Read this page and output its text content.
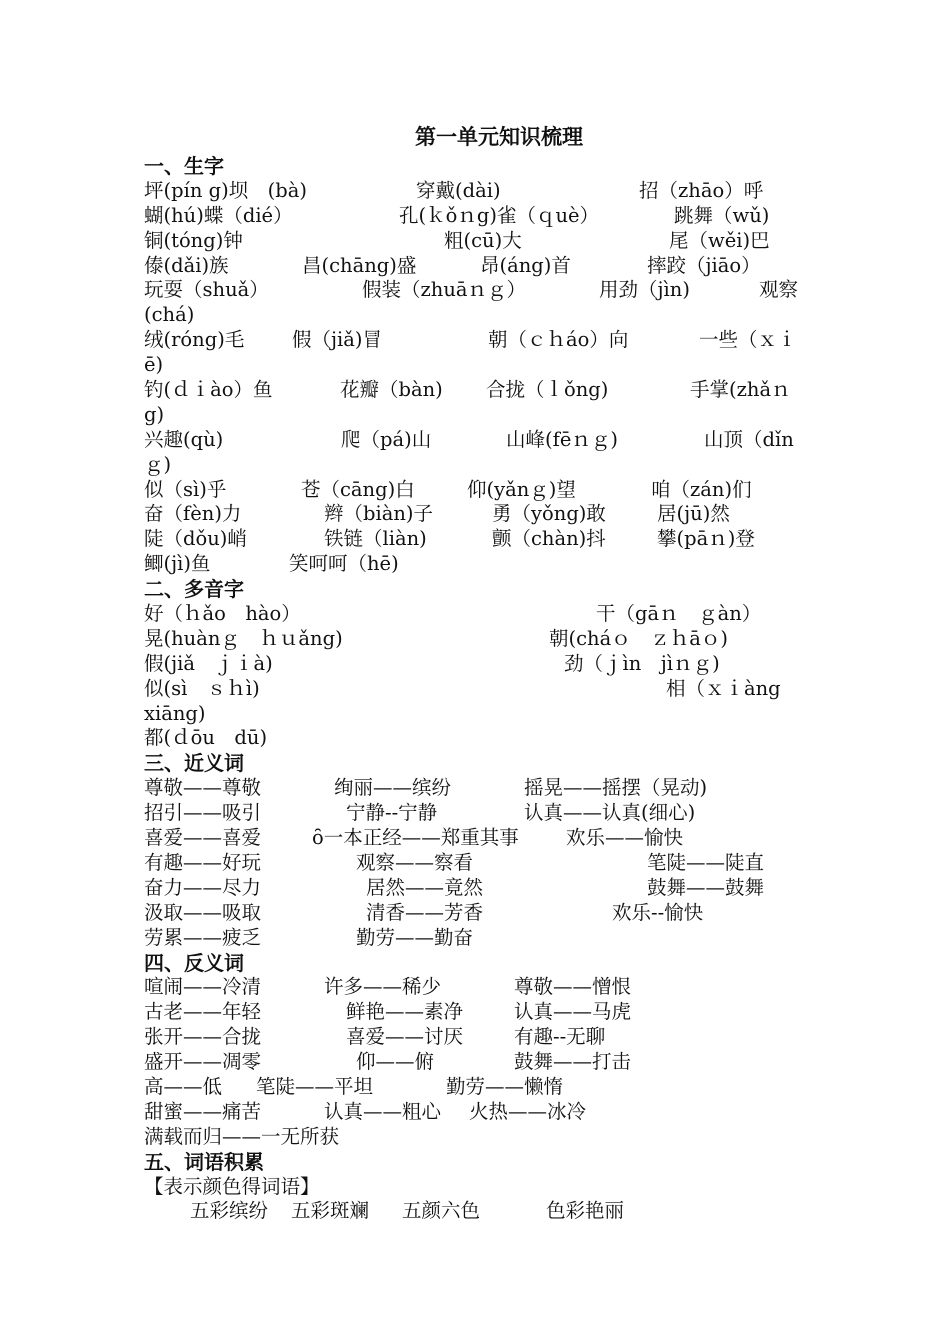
第一单元知识梳理
一、生字
坪(pín g)坝　(bà)	穿戴(dài)	招（zhāo）呼
蝴(hú)蝶（dié）	孔(ｋǒｎg)雀（ｑuè）	跳舞（wǔ)
铜(tóng)钟	粗(cū)大	尾（wěi)巴
傣(dǎi)族	昌(chāng)盛	昂(áng)首	摔跤（jiāo）
玩耍（shuǎ）	假装（zhuāｎｇ）	用劲（jìn)	观察
(chá)
绒(róng)毛 假（jiǎ)冒	朝（ｃｈáo）向	一些（ｘｉ
ē)
钓(ｄｉào）鱼	花瓣（bàn) 合拢（ｌǒng)	手掌(zhǎｎ
g)
兴趣(qù)	爬（pá)山	山峰(fēｎｇ)	山顶（dǐn
ｇ)
似（sì)乎	苍（cāng)白	仰(yǎnｇ)望	咱（zán)们
奋（fèn)力	辫（biàn)子	勇（yǒng)敢	居(jū)然
陡（dǒu)峭	铁链（liàn)	颤（chàn)抖	攀(pāｎ)登
鲫(jì)鱼	笑呵呵（hē)
二、多音字
好（ｈǎo　hào）	干（gāｎ　ｇàn）
晃(huànｇ　ｈｕǎng)	朝(cháｏ　ｚｈāｏ)
假(jiǎ　ｊｉà)	劲（ｊìn　jìｎｇ)
似(sì　ｓｈì)	相（ｘｉàng
xiāng)
都(ｄōu　dū)
三、近义词
尊敬——尊敬	绚丽——缤纷	摇晃——摇摆（晃动)
招引——吸引	宁静--宁静	认真——认真(细心)
喜爱——喜爱	ȏ一本正经——郑重其事 欢乐——愉快
有趣——好玩	观察——察看	笔陡——陡直
奋力——尽力	居然——竟然	鼓舞——鼓舞
汲取——吸取	清香——芳香	欢乐--愉快
劳累——疲乏	勤劳——勤奋
四、反义词
喧闹——冷清	许多——稀少	尊敬——憎恨
古老——年轻	鲜艳——素净	认真——马虎
张开——合拢	喜爱——讨厌	有趣--无聊
盛开——凋零	仰——俯	鼓舞——打击
高——低 笔陡——平坦	勤劳——懒惰
甜蜜——痛苦	认真——粗心 火热——冰冷
满载而归——一无所获
五、词语积累
【表示颜色得词语】
五彩缤纷 五彩斑斓 五颜六色	色彩艳丽
